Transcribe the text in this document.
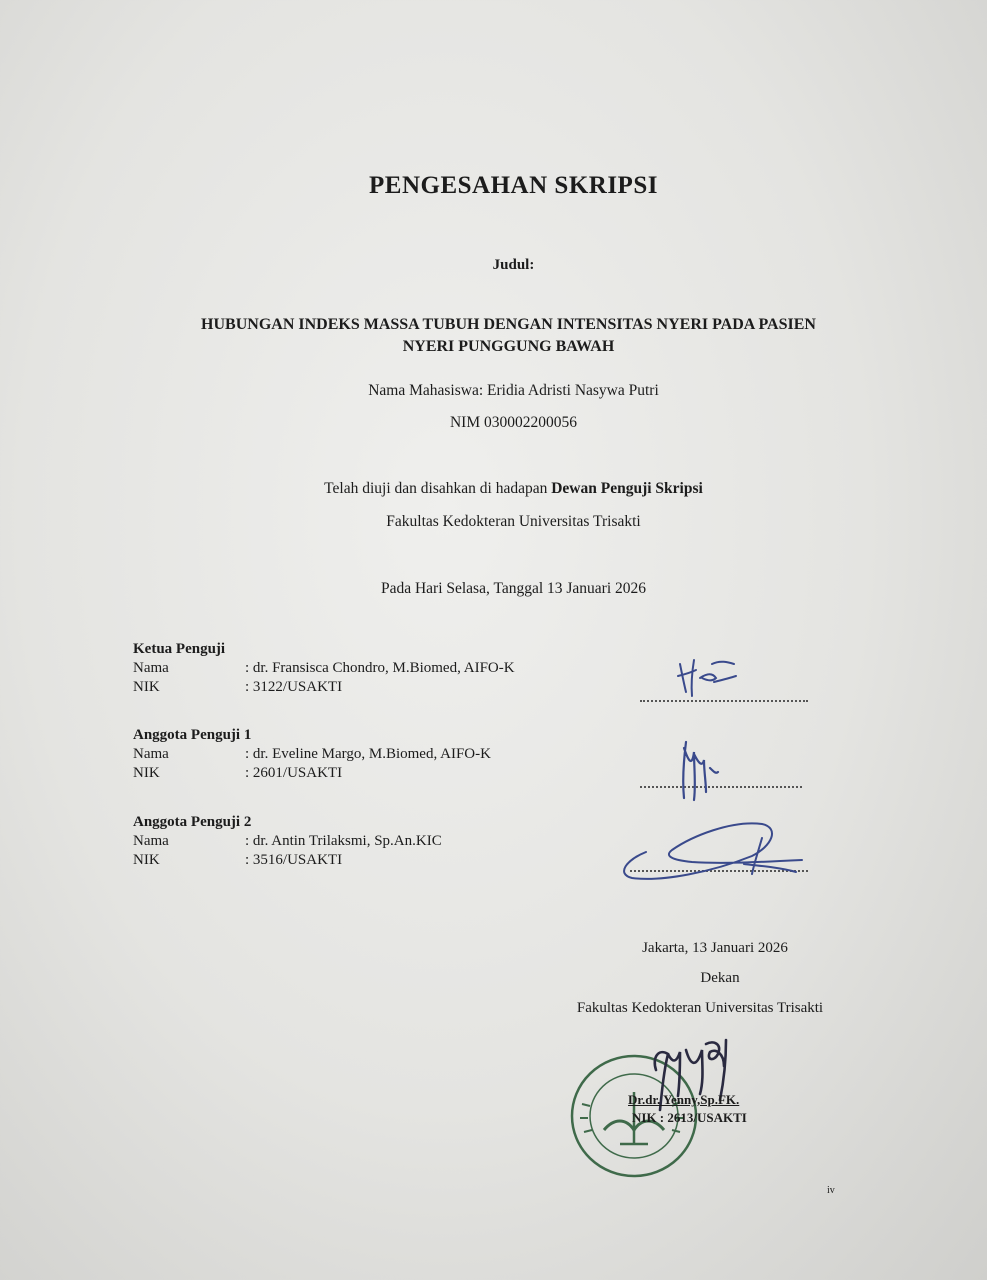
PENGESAHAN SKRIPSI
Judul:
HUBUNGAN INDEKS MASSA TUBUH DENGAN INTENSITAS NYERI PADA PASIEN
NYERI PUNGGUNG BAWAH
Nama Mahasiswa: Eridia Adristi Nasywa Putri
NIM 030002200056
Telah diuji dan disahkan di hadapan Dewan Penguji Skripsi
Fakultas Kedokteran Universitas Trisakti
Pada Hari Selasa, Tanggal 13 Januari 2026
Ketua Penguji
Nama	: dr. Fransisca Chondro, M.Biomed, AIFO-K
NIK	: 3122/USAKTI
Anggota Penguji 1
Nama	: dr. Eveline Margo, M.Biomed, AIFO-K
NIK	: 2601/USAKTI
Anggota Penguji 2
Nama	: dr. Antin Trilaksmi, Sp.An.KIC
NIK	: 3516/USAKTI
Jakarta, 13 Januari 2026
Dekan
Fakultas Kedokteran Universitas Trisakti
Dr.dr. Yenny,Sp.FK.
NIK : 2613/USAKTI
iv
